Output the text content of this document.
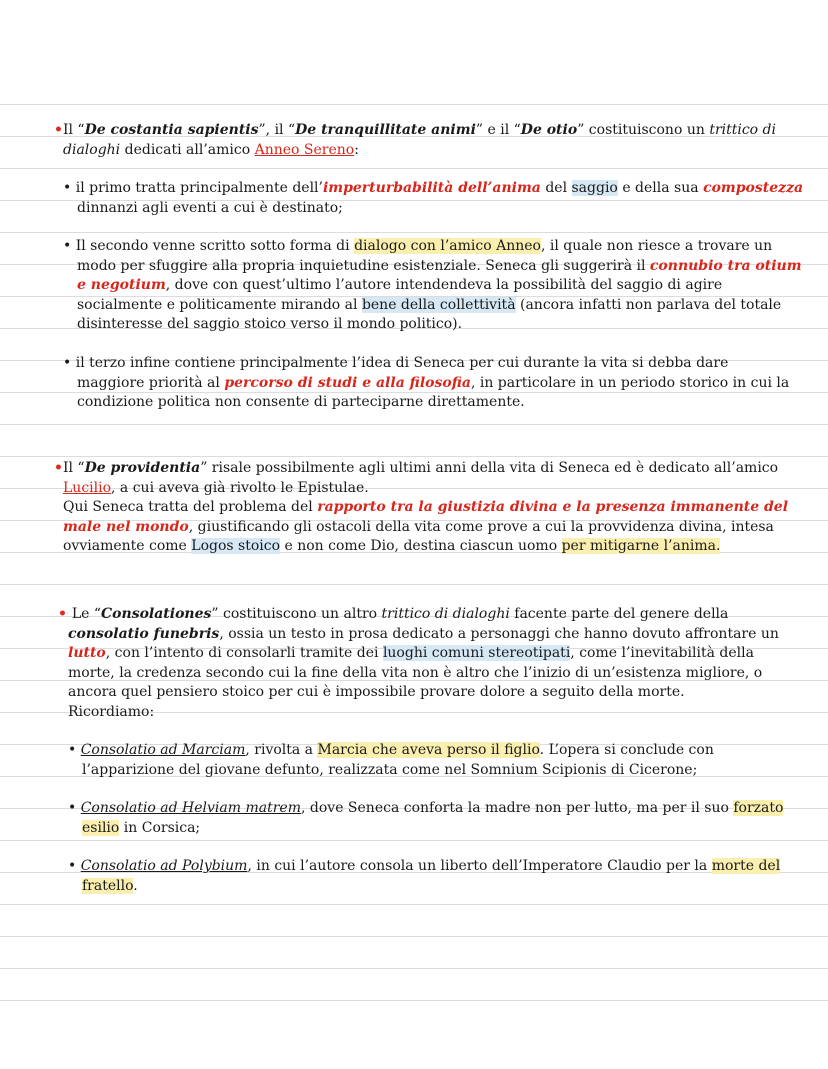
•Il “De costantia sapientis”, il “De tranquillitate animi” e il “De otio” costituiscono un trittico di
dialoghi dedicati all’amico Anneo Sereno:
• il primo tratta principalmente dell’imperturbabilità dell’anima del saggio e della sua compostezza
dinnanzi agli eventi a cui è destinato;
• Il secondo venne scritto sotto forma di dialogo con l’amico Anneo, il quale non riesce a trovare un
modo per sfuggire alla propria inquietudine esistenziale. Seneca gli suggerirà il connubio tra otium
e negotium, dove con quest’ultimo l’autore intendendeva la possibilità del saggio di agire
socialmente e politicamente mirando al bene della collettività (ancora infatti non parlava del totale
disinteresse del saggio stoico verso il mondo politico).
• il terzo infine contiene principalmente l’idea di Seneca per cui durante la vita si debba dare
maggiore priorità al percorso di studi e alla filosofia, in particolare in un periodo storico in cui la
condizione politica non consente di parteciparne direttamente.
•Il “De providentia” risale possibilmente agli ultimi anni della vita di Seneca ed è dedicato all’amico
Lucilio, a cui aveva già rivolto le Epistulae.
Qui Seneca tratta del problema del rapporto tra la giustizia divina e la presenza immanente del
male nel mondo, giustificando gli ostacoli della vita come prove a cui la provvidenza divina, intesa
ovviamente come Logos stoico e non come Dio, destina ciascun uomo per mitigarne l’anima.
• Le “Consolationes” costituiscono un altro trittico di dialoghi facente parte del genere della
consolatio funebris, ossia un testo in prosa dedicato a personaggi che hanno dovuto affrontare un
lutto, con l’intento di consolarli tramite dei luoghi comuni stereotipati, come l’inevitabilità della
morte, la credenza secondo cui la fine della vita non è altro che l’inizio di un’esistenza migliore, o
ancora quel pensiero stoico per cui è impossibile provare dolore a seguito della morte.
Ricordiamo:
• Consolatio ad Marciam, rivolta a Marcia che aveva perso il figlio. L’opera si conclude con
l’apparizione del giovane defunto, realizzata come nel Somnium Scipionis di Cicerone;
• Consolatio ad Helviam matrem, dove Seneca conforta la madre non per lutto, ma per il suo forzato
esilio in Corsica;
• Consolatio ad Polybium, in cui l’autore consola un liberto dell’Imperatore Claudio per la morte del
fratello.
